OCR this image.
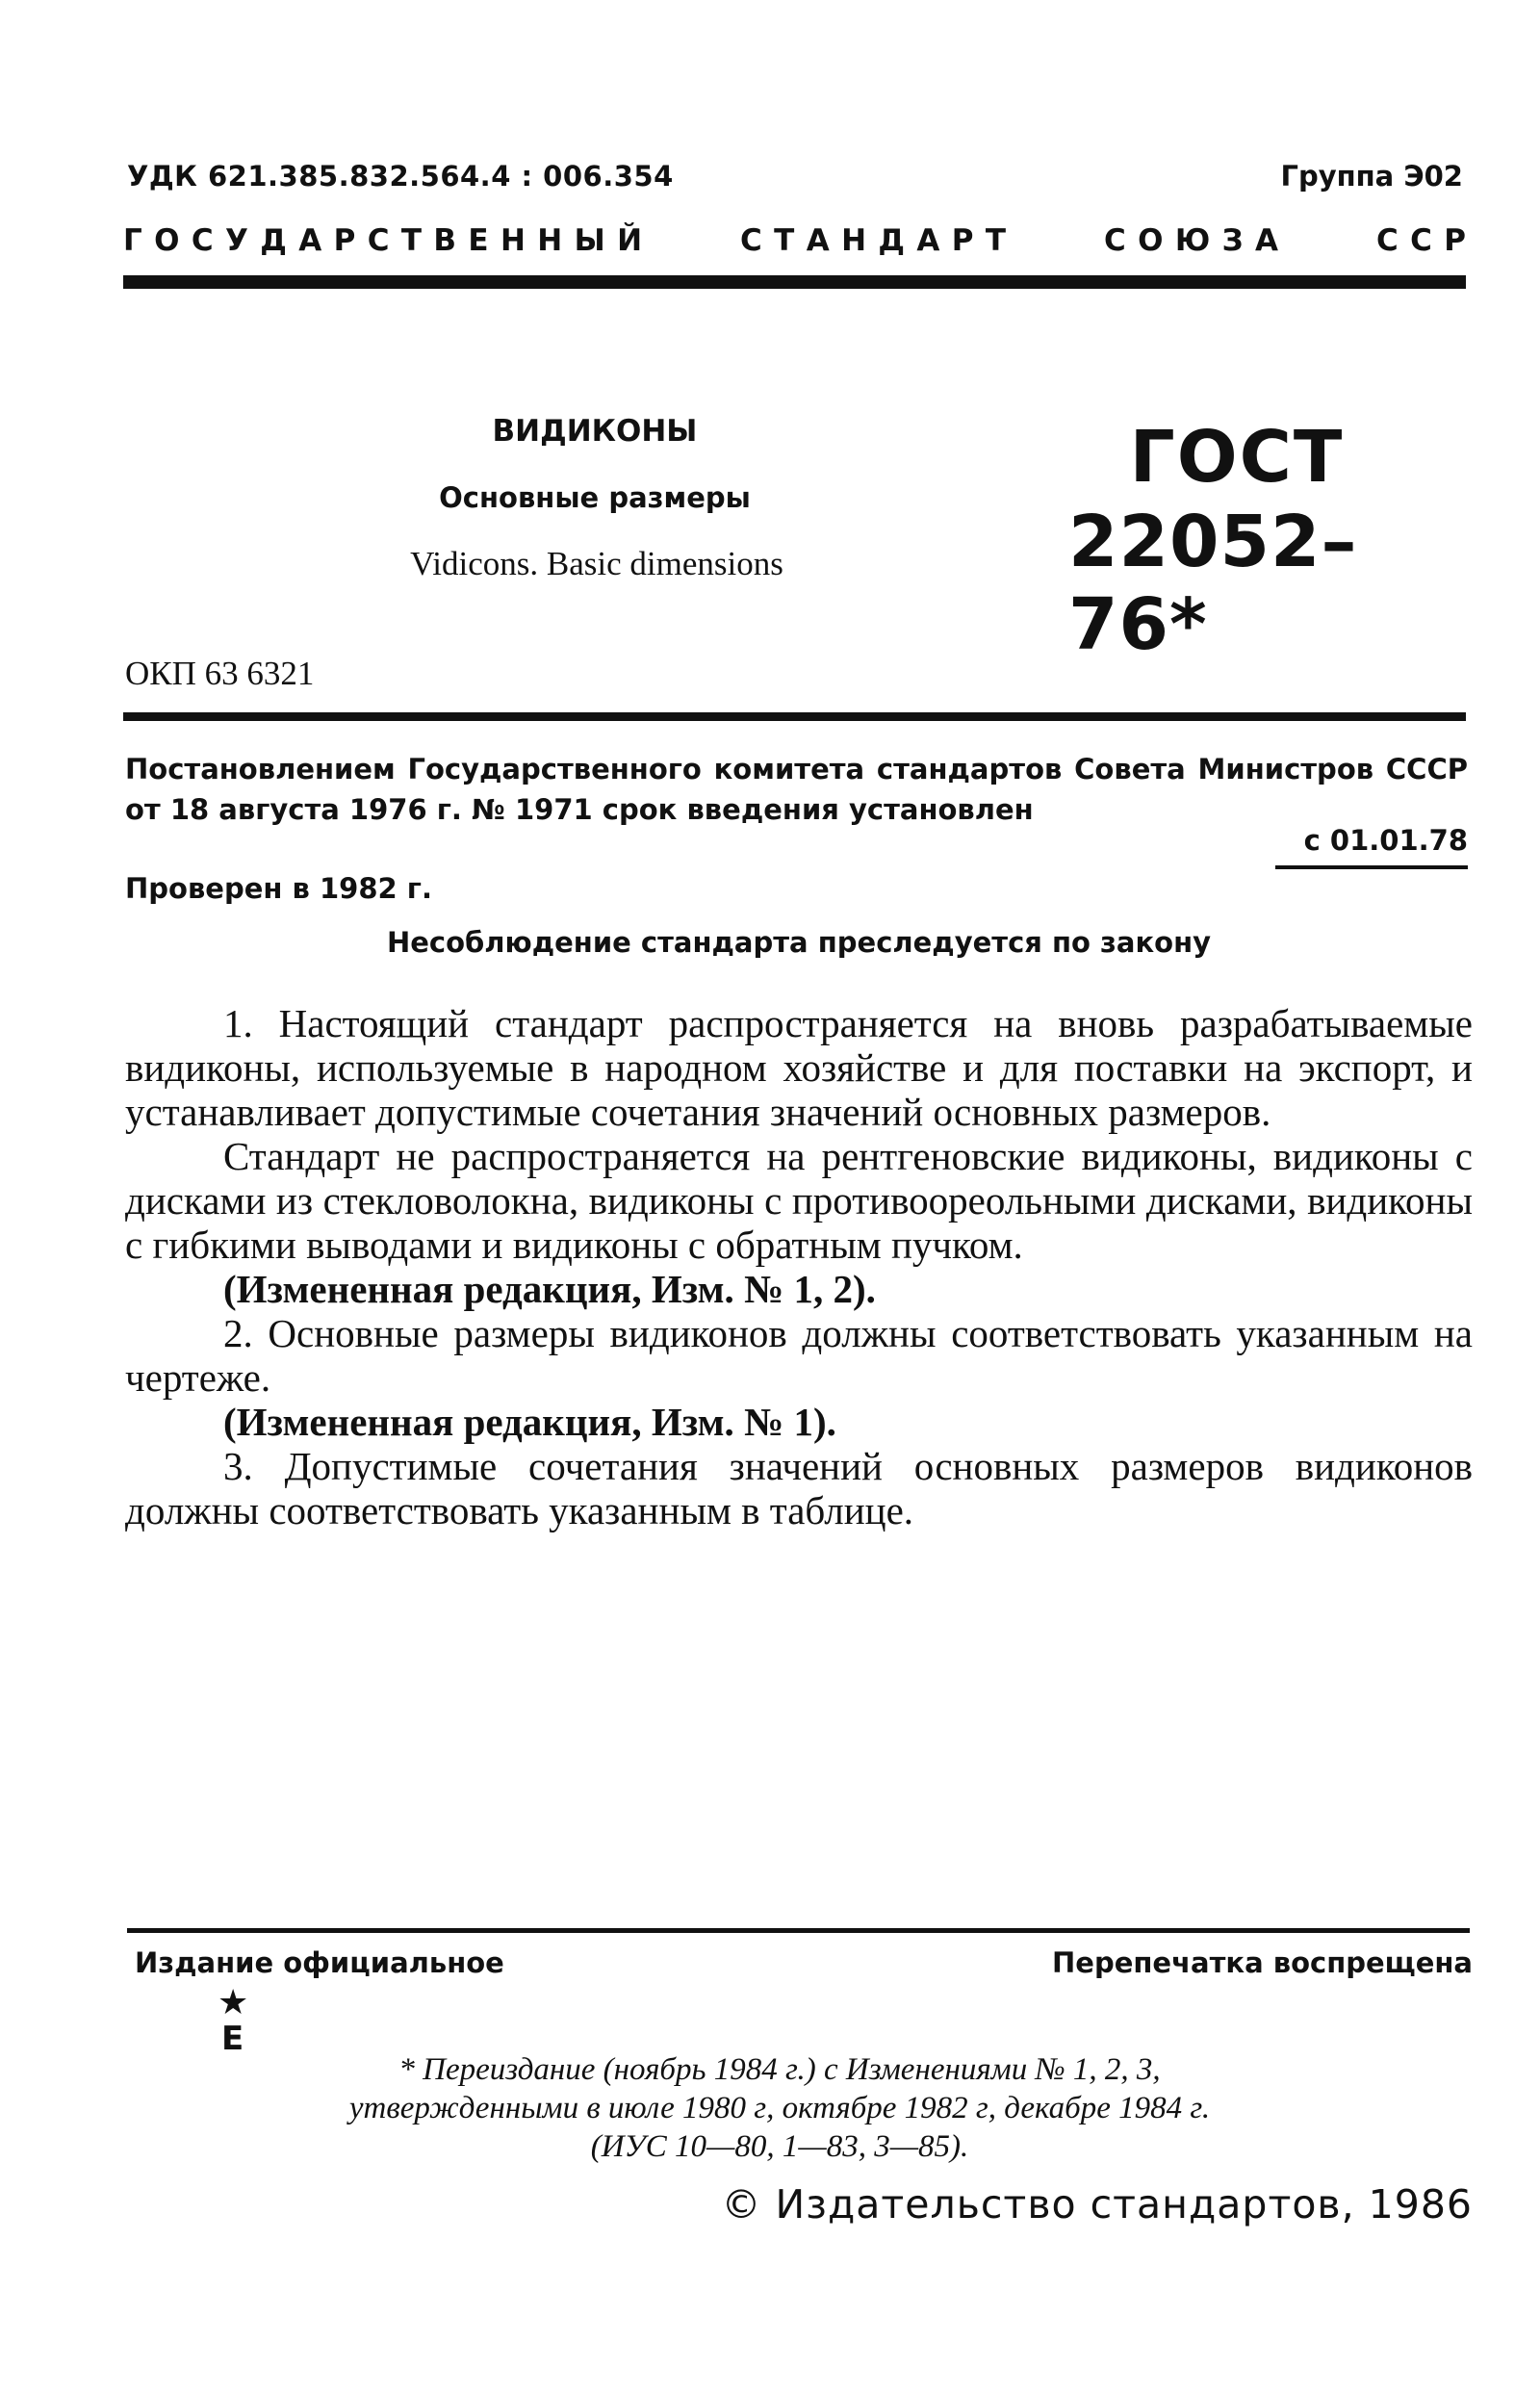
УДК 621.385.832.564.4 : 006.354	Группа Э02
Г  О  С  У  Д  А  Р  С  Т  В  Е  Н  Н  Ы  Й	С  Т  А  Н  Д  А  Р  Т	С  О  Ю  З  А	С  С  Р
ВИДИКОНЫ
Основные размеры
Vidicons. Basic dimensions
ГОСТ
22052–76*
ОКП 63 6321
Постановлением Государственного комитета стандартов Совета Министров СССР
от 18 августа 1976 г. № 1971 срок введения установлен
с 01.01.78
Проверен в 1982 г.
Несоблюдение стандарта преследуется по закону

1. Настоящий стандарт распространяется на вновь разрабатываемые видиконы, используемые в народном хозяйстве и для поставки на экспорт, и устанавливает допустимые сочетания значений основных размеров.

Стандарт не распространяется на рентгеновские видиконы, видиконы с дисками из стекловолокна, видиконы с противоореольными дисками, видиконы с гибкими выводами и видиконы с обратным пучком.

(Измененная редакция, Изм. № 1, 2).

2. Основные размеры видиконов должны соответствовать указанным на чертеже.

(Измененная редакция, Изм. № 1).

3. Допустимые сочетания значений основных размеров видиконов должны соответствовать указанным в таблице.

Издание официальное	Перепечатка воспрещена
★
Е
* Переиздание (ноябрь 1984 г.) с Изменениями № 1, 2, 3,
утвержденными в июле 1980 г, октябре 1982 г, декабре 1984 г.
(ИУС 10—80, 1—83, 3—85).
© Издательство стандартов, 1986
